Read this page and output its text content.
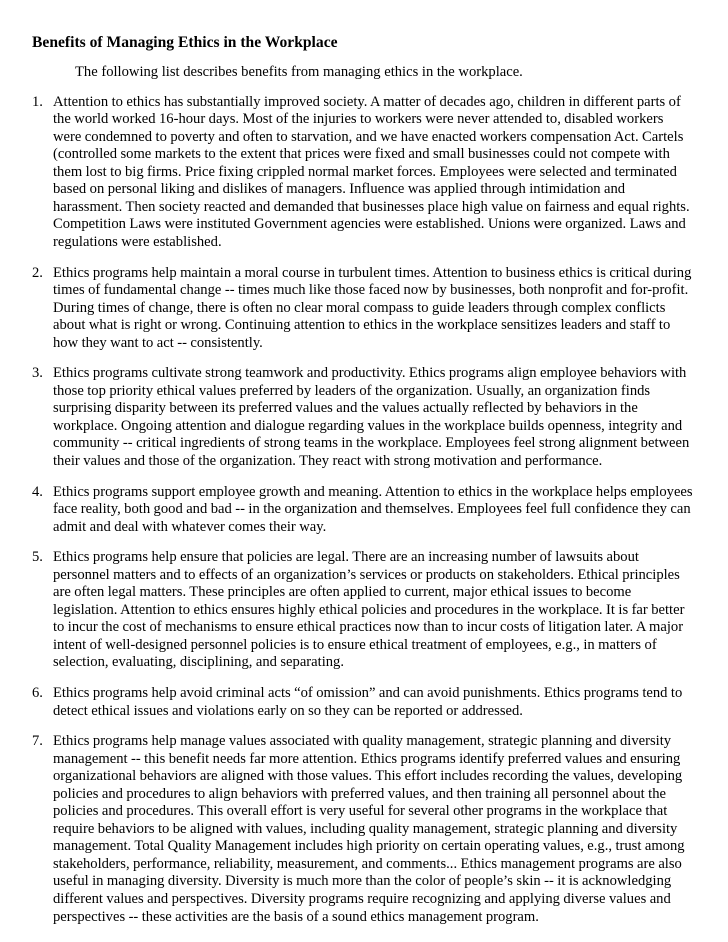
Benefits of Managing Ethics in the Workplace

The following list describes benefits from managing ethics in the workplace.

1. Attention to ethics has substantially improved society. A matter of decades ago, children in different parts of the world worked 16-hour days. Most of the injuries to workers were never attended to, disabled workers were condemned to poverty and often to starvation, and we have enacted workers compensation Act. Cartels (controlled some markets to the extent that prices were fixed and small businesses could not compete with them lost to big firms. Price fixing crippled normal market forces. Employees were selected and terminated based on personal liking and dislikes of managers. Influence was applied through intimidation and harassment. Then society reacted and demanded that businesses place high value on fairness and equal rights. Competition Laws were instituted Government agencies were established. Unions were organized. Laws and regulations were established.
2. Ethics programs help maintain a moral course in turbulent times. Attention to business ethics is critical during times of fundamental change -- times much like those faced now by businesses, both nonprofit and for-profit. During times of change, there is often no clear moral compass to guide leaders through complex conflicts about what is right or wrong. Continuing attention to ethics in the workplace sensitizes leaders and staff to how they want to act -- consistently.
3. Ethics programs cultivate strong teamwork and productivity. Ethics programs align employee behaviors with those top priority ethical values preferred by leaders of the organization. Usually, an organization finds surprising disparity between its preferred values and the values actually reflected by behaviors in the workplace. Ongoing attention and dialogue regarding values in the workplace builds openness, integrity and community -- critical ingredients of strong teams in the workplace. Employees feel strong alignment between their values and those of the organization. They react with strong motivation and performance.
4. Ethics programs support employee growth and meaning. Attention to ethics in the workplace helps employees face reality, both good and bad -- in the organization and themselves. Employees feel full confidence they can admit and deal with whatever comes their way.
5. Ethics programs help ensure that policies are legal. There are an increasing number of lawsuits about personnel matters and to effects of an organization’s services or products on stakeholders. Ethical principles are often legal matters. These principles are often applied to current, major ethical issues to become legislation. Attention to ethics ensures highly ethical policies and procedures in the workplace. It is far better to incur the cost of mechanisms to ensure ethical practices now than to incur costs of litigation later. A major intent of well-designed personnel policies is to ensure ethical treatment of employees, e.g., in matters of selection, evaluating, disciplining, and separating.
6. Ethics programs help avoid criminal acts “of omission” and can avoid punishments. Ethics programs tend to detect ethical issues and violations early on so they can be reported or addressed.
7. Ethics programs help manage values associated with quality management, strategic planning and diversity management -- this benefit needs far more attention. Ethics programs identify preferred values and ensuring organizational behaviors are aligned with those values. This effort includes recording the values, developing policies and procedures to align behaviors with preferred values, and then training all personnel about the policies and procedures. This overall effort is very useful for several other programs in the workplace that require behaviors to be aligned with values, including quality management, strategic planning and diversity management. Total Quality Management includes high priority on certain operating values, e.g., trust among stakeholders, performance, reliability, measurement, and comments... Ethics management programs are also useful in managing diversity. Diversity is much more than the color of people’s skin -- it is acknowledging different values and perspectives. Diversity programs require recognizing and applying diverse values and perspectives -- these activities are the basis of a sound ethics management program.
